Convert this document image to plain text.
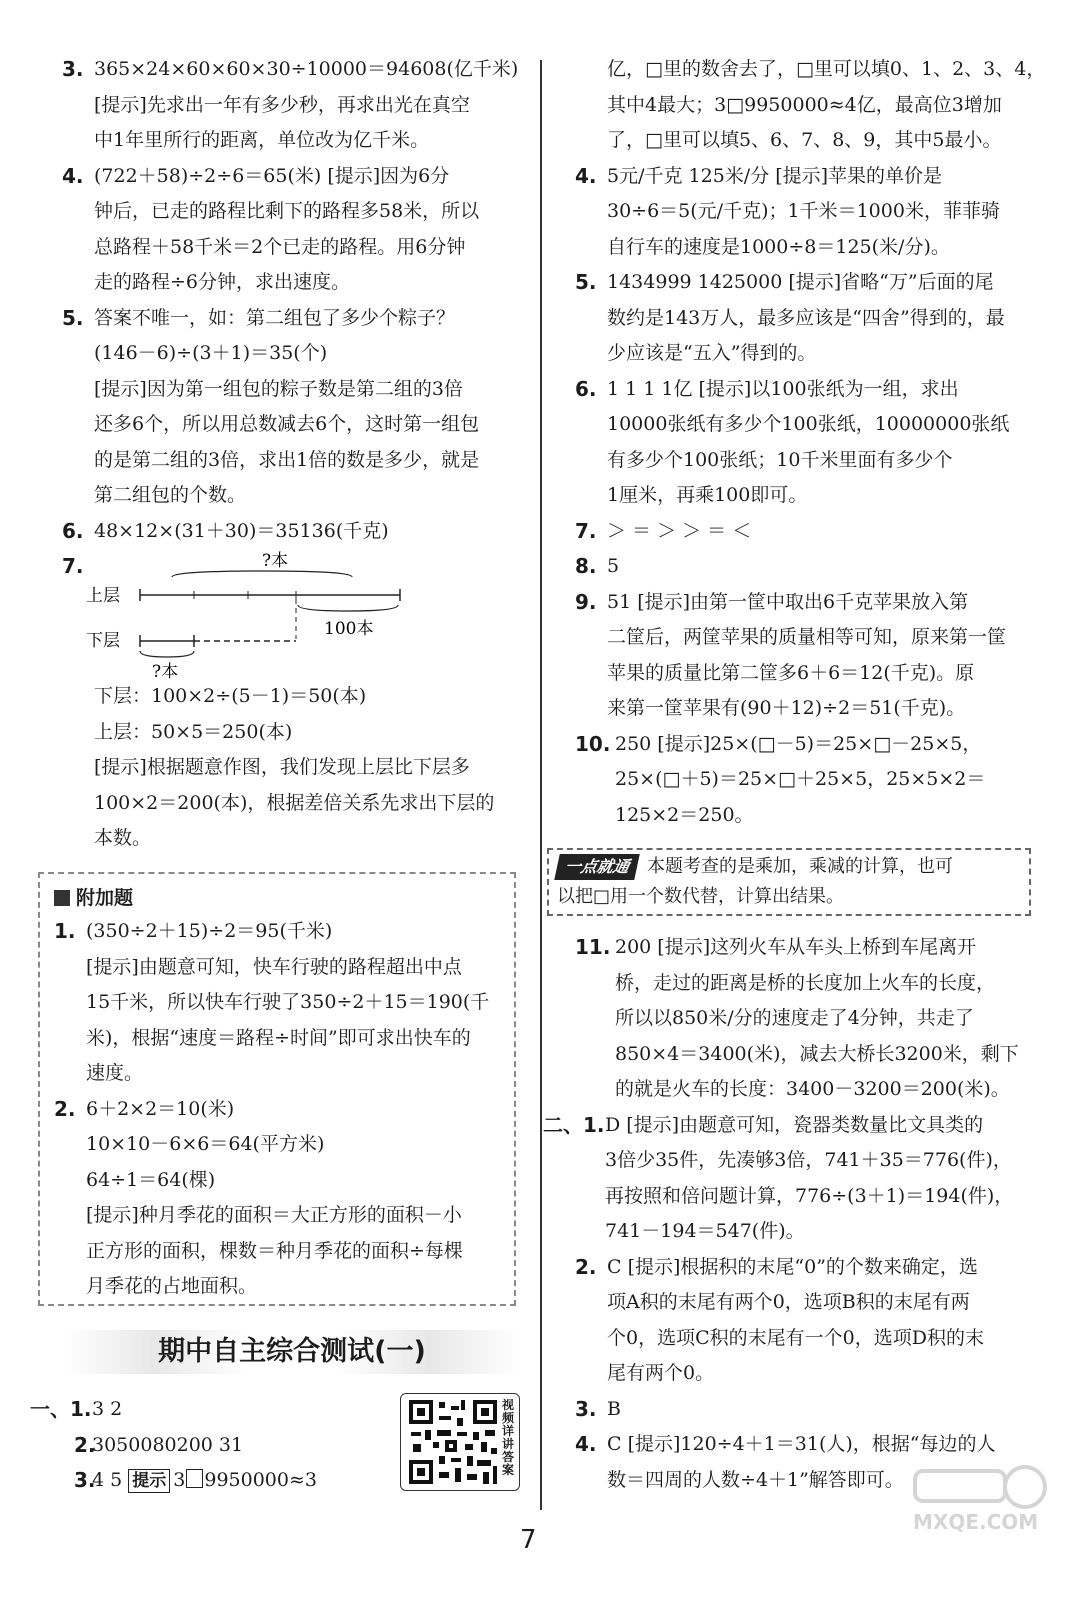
3. 365×24×60×60×30÷10000＝94608(亿千米)
[提示]先求出一年有多少秒，再求出光在真空
中1年里所行的距离，单位改为亿千米。
4. (722＋58)÷2÷6＝65(米) [提示]因为6分
钟后，已走的路程比剩下的路程多58米，所以
总路程＋58千米＝2个已走的路程。用6分钟
走的路程÷6分钟，求出速度。
5. 答案不唯一，如：第二组包了多少个粽子？
(146－6)÷(3＋1)＝35(个)
[提示]因为第一组包的粽子数是第二组的3倍
还多6个，所以用总数减去6个，这时第一组包
的是第二组的3倍，求出1倍的数是多少，就是
第二组包的个数。
6. 48×12×(31＋30)＝35136(千克)
7.	?本
上层
100本
下层
?本
下层：100×2÷(5－1)＝50(本)
上层：50×5＝250(本)
[提示]根据题意作图，我们发现上层比下层多
100×2＝200(本)，根据差倍关系先求出下层的
本数。
附加题
1. (350÷2＋15)÷2＝95(千米)
[提示]由题意可知，快车行驶的路程超出中点
15千米，所以快车行驶了350÷2＋15＝190(千
米)，根据“速度＝路程÷时间”即可求出快车的
速度。
2. 6＋2×2＝10(米)
10×10－6×6＝64(平方米)
64÷1＝64(棵)
[提示]种月季花的面积＝大正方形的面积－小
正方形的面积，棵数＝种月季花的面积÷每棵
月季花的占地面积。
期中自主综合测试(一)
一、1. 3 2
2.
3050080200 31
3.
4 5 提示 3 9950000≈3
视频详讲答案
亿，□里的数舍去了，□里可以填0、1、2、3、4，
其中4最大；3□9950000≈4亿，最高位3增加
了，□里可以填5、6、7、8、9，其中5最小。
4. 5元/千克 125米/分 [提示]苹果的单价是
30÷6＝5(元/千克)；1千米＝1000米，菲菲骑
自行车的速度是1000÷8＝125(米/分)。
5. 1434999 1425000 [提示]省略“万”后面的尾
数约是143万人，最多应该是“四舍”得到的，最
少应该是“五入”得到的。
6. 1 1 1 1亿 [提示]以100张纸为一组，求出
10000张纸有多少个100张纸，10000000张纸
有多少个100张纸；10千米里面有多少个
1厘米，再乘100即可。
7. ＞ ＝ ＞ ＞ ＝ ＜
8. 5
9. 51 [提示]由第一筐中取出6千克苹果放入第
二筐后，两筐苹果的质量相等可知，原来第一筐
苹果的质量比第二筐多6＋6＝12(千克)。原
来第一筐苹果有(90＋12)÷2＝51(千克)。
10. 250 [提示]25×(□－5)＝25×□－25×5，
25×(□＋5)＝25×□＋25×5，25×5×2＝
125×2＝250。
一点就通 本题考查的是乘加，乘减的计算，也可
以把□用一个数代替，计算出结果。
11. 200 [提示]这列火车从车头上桥到车尾离开
桥，走过的距离是桥的长度加上火车的长度，
所以以850米/分的速度走了4分钟，共走了
850×4＝3400(米)，减去大桥长3200米，剩下
的就是火车的长度：3400－3200＝200(米)。
二、1. D [提示]由题意可知，瓷器类数量比文具类的
3倍少35件，先凑够3倍，741＋35＝776(件)，
再按照和倍问题计算，776÷(3＋1)＝194(件)，
741－194＝547(件)。
2. C [提示]根据积的末尾“0”的个数来确定，选
项A积的末尾有两个0，选项B积的末尾有两
个0，选项C积的末尾有一个0，选项D积的末
尾有两个0。
3. B
4. C [提示]120÷4＋1＝31(人)，根据“每边的人
数＝四周的人数÷4＋1”解答即可。
7
MXQE.COM
